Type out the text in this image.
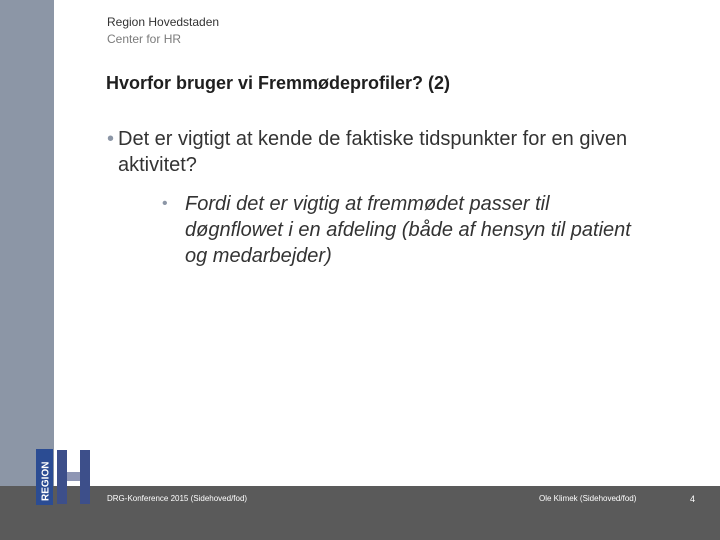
REGION
Region Hovedstaden
Center for HR
Hvorfor bruger vi Fremmødeprofiler? (2)
• Det er vigtigt at kende de faktiske tidspunkter for en given aktivitet?
• Fordi det er vigtig at fremmødet passer til døgnflowet i en afdeling (både af hensyn til patient og medarbejder)
DRG-Konference 2015 (Sidehoved/fod)	Ole Klimek (Sidehoved/fod)	4
